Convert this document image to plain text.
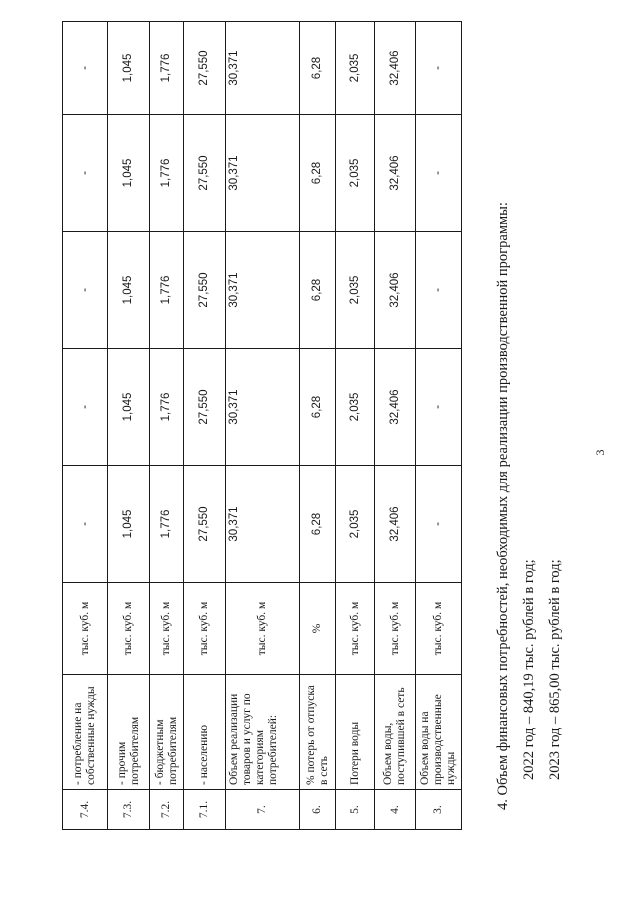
3
7.4.	- потребление на собственные нужды	тыс. куб. м	-	-	-	-	-
7.3.	- прочим потребителям	тыс. куб. м	1,045	1,045	1,045	1,045	1,045
7.2.	- бюджетным потребителям	тыс. куб. м	1,776	1,776	1,776	1,776	1,776
7.1.	- населению	тыс. куб. м	27,550	27,550	27,550	27,550	27,550
7.	Объем реализации товаров и услуг по категориям потребителей:	тыс. куб. м	30,371	30,371	30,371	30,371	30,371
6.	% потерь от отпуска в сеть	%	6,28	6,28	6,28	6,28	6,28
5.	Потери воды	тыс. куб. м	2,035	2,035	2,035	2,035	2,035
4.	Объем воды, поступившей в сеть	тыс. куб. м	32,406	32,406	32,406	32,406	32,406
3.	Объем воды на производственные нужды	тыс. куб. м	-	-	-	-	-
4. Объем финансовых потребностей, необходимых для реализации производственной программы: 2022 год – 840,19 тыс. рублей в год; 2023 год – 865,00 тыс. рублей в год;
